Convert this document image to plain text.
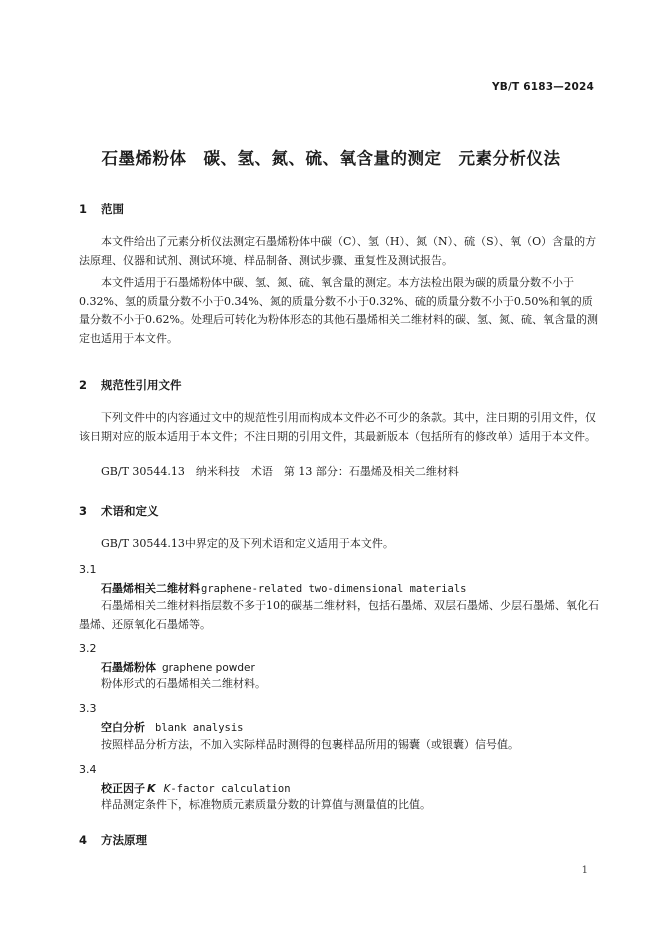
YB/T 6183—2024
石墨烯粉体　碳、氢、氮、硫、氧含量的测定　元素分析仪法
1 范围

本文件给出了元素分析仪法测定石墨烯粉体中碳（C）、氢（H）、氮（N）、硫（S）、氧（O）含量的方法原理、仪器和试剂、测试环境、样品制备、测试步骤、重复性及测试报告。

本文件适用于石墨烯粉体中碳、氢、氮、硫、氧含量的测定。本方法检出限为碳的质量分数不小于0.32%、氢的质量分数不小于0.34%、氮的质量分数不小于0.32%、硫的质量分数不小于0.50%和氧的质量分数不小于0.62%。处理后可转化为粉体形态的其他石墨烯相关二维材料的碳、氢、氮、硫、氧含量的测定也适用于本文件。

2 规范性引用文件

下列文件中的内容通过文中的规范性引用而构成本文件必不可少的条款。其中，注日期的引用文件，仅该日期对应的版本适用于本文件；不注日期的引用文件，其最新版本（包括所有的修改单）适用于本文件。

GB/T 30544.13　纳米科技　术语　第 13 部分：石墨烯及相关二维材料

3 术语和定义

GB/T 30544.13中界定的及下列术语和定义适用于本文件。

3.1
石墨烯相关二维材料graphene-related two-dimensional materials

石墨烯相关二维材料指层数不多于10的碳基二维材料，包括石墨烯、双层石墨烯、少层石墨烯、氧化石墨烯、还原氧化石墨烯等。

3.2
石墨烯粉体 graphene powder

粉体形式的石墨烯相关二维材料。

3.3
空白分析 blank analysis

按照样品分析方法，不加入实际样品时测得的包裹样品所用的锡囊（或银囊）信号值。

3.4
校正因子 K K-factor calculation

样品测定条件下，标准物质元素质量分数的计算值与测量值的比值。

4 方法原理
1
